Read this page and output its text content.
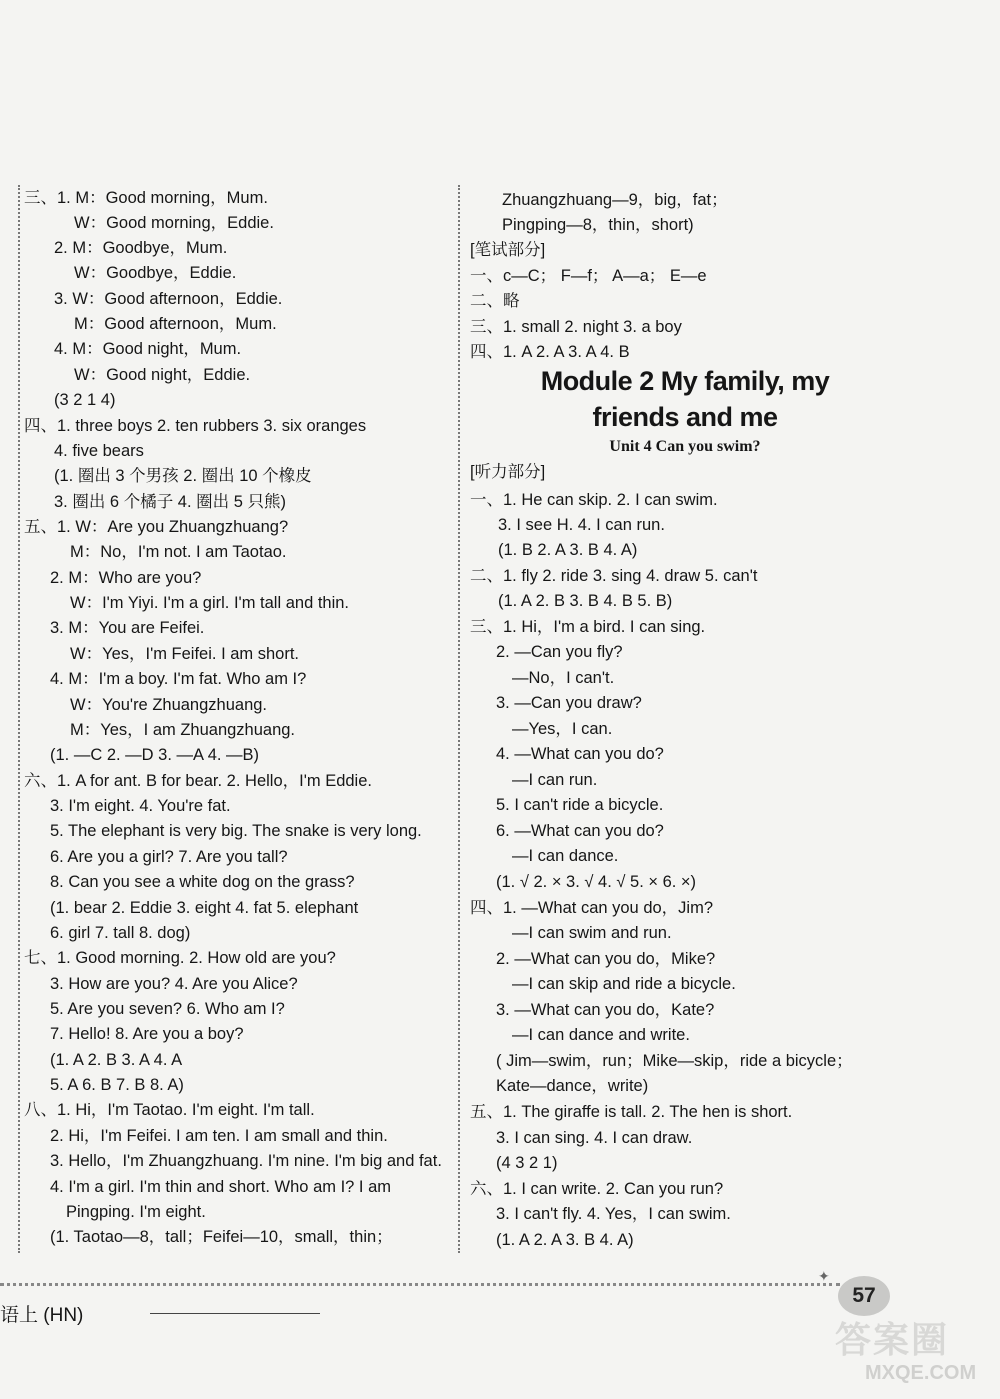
三、1. M：Good morning，Mum.
W：Good morning，Eddie.
2. M：Goodbye，Mum.
W：Goodbye，Eddie.
3. W：Good afternoon，Eddie.
M：Good afternoon，Mum.
4. M：Good night，Mum.
W：Good night，Eddie.
(3 2 1 4)
四、1. three boys 2. ten rubbers 3. six oranges
4. five bears
(1. 圈出 3 个男孩 2. 圈出 10 个橡皮
3. 圈出 6 个橘子 4. 圈出 5 只熊)
五、1. W：Are you Zhuangzhuang?
M：No，I'm not. I am Taotao.
2. M：Who are you?
W：I'm Yiyi. I'm a girl. I'm tall and thin.
3. M：You are Feifei.
W：Yes，I'm Feifei. I am short.
4. M：I'm a boy. I'm fat. Who am I?
W：You're Zhuangzhuang.
M：Yes，I am Zhuangzhuang.
(1. —C 2. —D 3. —A 4. —B)
六、1. A for ant. B for bear. 2. Hello，I'm Eddie.
3. I'm eight. 4. You're fat.
5. The elephant is very big. The snake is very long.
6. Are you a girl? 7. Are you tall?
8. Can you see a white dog on the grass?
(1. bear 2. Eddie 3. eight 4. fat 5. elephant
6. girl 7. tall 8. dog)
七、1. Good morning. 2. How old are you?
3. How are you? 4. Are you Alice?
5. Are you seven? 6. Who am I?
7. Hello! 8. Are you a boy?
(1. A 2. B 3. A 4. A
5. A 6. B 7. B 8. A)
八、1. Hi，I'm Taotao. I'm eight. I'm tall.
2. Hi，I'm Feifei. I am ten. I am small and thin.
3. Hello，I'm Zhuangzhuang. I'm nine. I'm big and fat.
4. I'm a girl. I'm thin and short. Who am I? I am
Pingping. I'm eight.
(1. Taotao—8，tall；Feifei—10，small，thin；
Zhuangzhuang—9，big，fat；
Pingping—8，thin，short)
[笔试部分]
一、c—C； F—f； A—a； E—e
二、略
三、1. small 2. night 3. a boy
四、1. A 2. A 3. A 4. B
Module 2 My family, my
friends and me
Unit 4 Can you swim?
[听力部分]
一、1. He can skip. 2. I can swim.
3. I see H. 4. I can run.
(1. B 2. A 3. B 4. A)
二、1. fly 2. ride 3. sing 4. draw 5. can't
(1. A 2. B 3. B 4. B 5. B)
三、1. Hi，I'm a bird. I can sing.
2. —Can you fly?
—No，I can't.
3. —Can you draw?
—Yes，I can.
4. —What can you do?
—I can run.
5. I can't ride a bicycle.
6. —What can you do?
—I can dance.
(1. √ 2. × 3. √ 4. √ 5. × 6. ×)
四、1. —What can you do，Jim?
—I can swim and run.
2. —What can you do，Mike?
—I can skip and ride a bicycle.
3. —What can you do，Kate?
—I can dance and write.
( Jim—swim，run；Mike—skip，ride a bicycle；
Kate—dance，write)
五、1. The giraffe is tall. 2. The hen is short.
3. I can sing. 4. I can draw.
(4 3 2 1)
六、1. I can write. 2. Can you run?
3. I can't fly. 4. Yes，I can swim.
(1. A 2. A 3. B 4. A)
语上 (HN)
✦
57
答案圈
MXQE.COM
